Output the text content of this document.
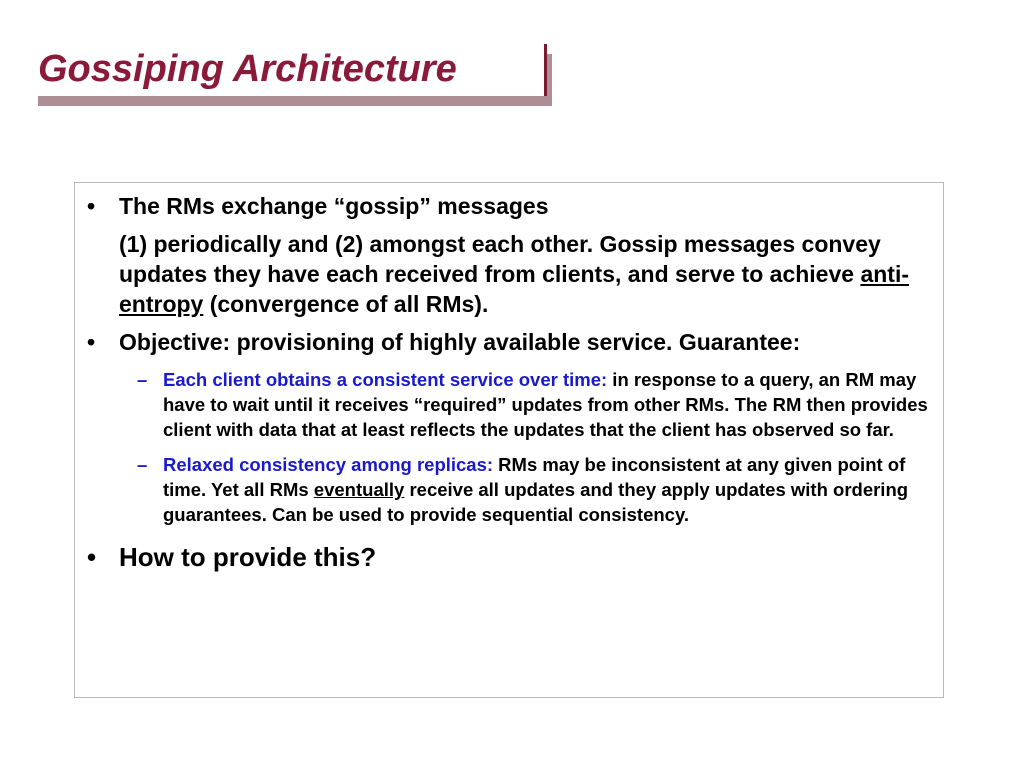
Gossiping Architecture
•	The RMs exchange “gossip” messages
(1) periodically and (2) amongst each other. Gossip messages convey updates they have each received from clients, and serve to achieve anti-entropy (convergence of all RMs).
•	Objective: provisioning of highly available service. Guarantee:
– Each client obtains a consistent service over time: in response to a query, an RM may have to wait until it receives “required” updates from other RMs. The RM then provides client with data that at least reflects the updates that the client has observed so far.
– Relaxed consistency among replicas: RMs may be inconsistent at any given point of time. Yet all RMs eventually receive all updates and they apply updates with ordering guarantees. Can be used to provide sequential consistency.
• How to provide this?
